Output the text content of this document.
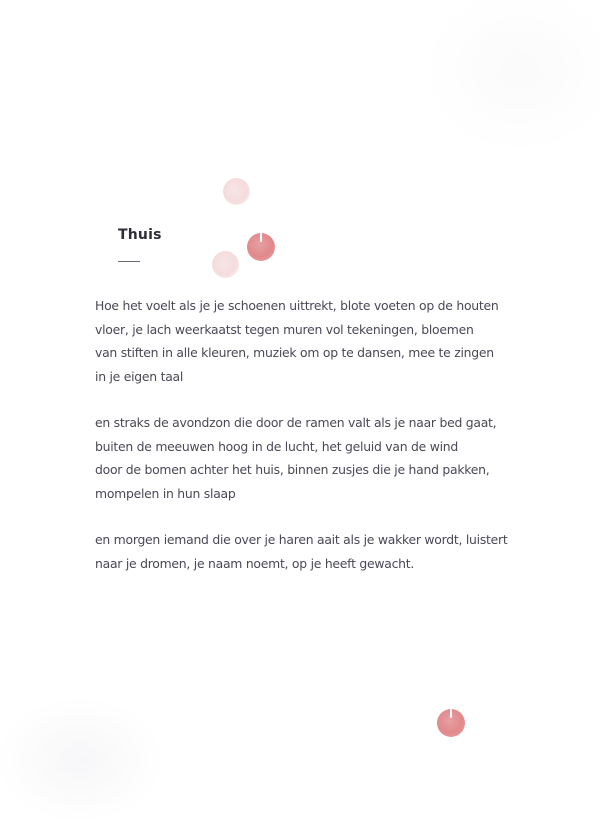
Thuis

Hoe het voelt als je je schoenen uittrekt, blote voeten op de houten
vloer, je lach weerkaatst tegen muren vol tekeningen, bloemen
van stiften in alle kleuren, muziek om op te dansen, mee te zingen
in je eigen taal

en straks de avondzon die door de ramen valt als je naar bed gaat,
buiten de meeuwen hoog in de lucht, het geluid van de wind
door de bomen achter het huis, binnen zusjes die je hand pakken,
mompelen in hun slaap

en morgen iemand die over je haren aait als je wakker wordt, luistert
naar je dromen, je naam noemt, op je heeft gewacht.
